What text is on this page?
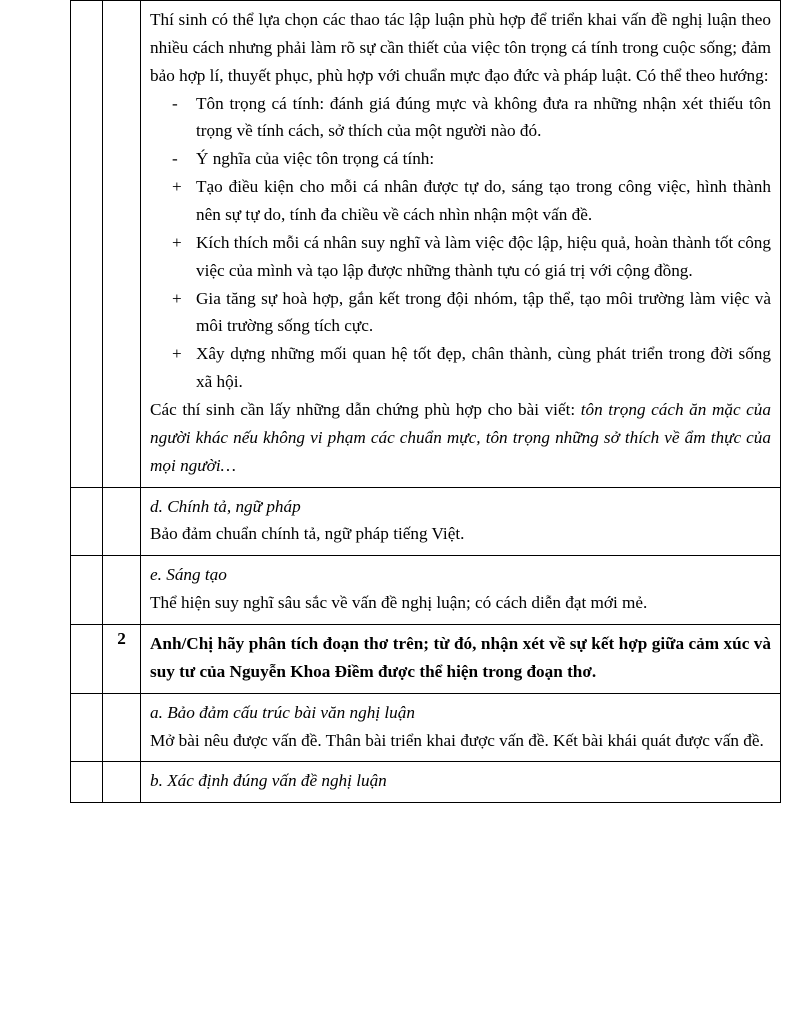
Thí sinh có thể lựa chọn các thao tác lập luận phù hợp để triển khai vấn đề nghị luận theo nhiều cách nhưng phải làm rõ sự cần thiết của việc tôn trọng cá tính trong cuộc sống; đảm bảo hợp lí, thuyết phục, phù hợp với chuẩn mực đạo đức và pháp luật. Có thể theo hướng:

-	Tôn trọng cá tính: đánh giá đúng mực và không đưa ra những nhận xét thiếu tôn trọng về tính cách, sở thích của một người nào đó.
-	Ý nghĩa của việc tôn trọng cá tính:
+ Tạo điều kiện cho mỗi cá nhân được tự do, sáng tạo trong công việc, hình thành nên sự tự do, tính đa chiều về cách nhìn nhận một vấn đề.
+ Kích thích mỗi cá nhân suy nghĩ và làm việc độc lập, hiệu quả, hoàn thành tốt công việc của mình và tạo lập được những thành tựu có giá trị với cộng đồng.
+ Gia tăng sự hoà hợp, gắn kết trong đội nhóm, tập thể, tạo môi trường làm việc và môi trường sống tích cực.
+ Xây dựng những mối quan hệ tốt đẹp, chân thành, cùng phát triển trong đời sống xã hội.

Các thí sinh cần lấy những dẫn chứng phù hợp cho bài viết: tôn trọng cách ăn mặc của người khác nếu không vi phạm các chuẩn mực, tôn trọng những sở thích về ẩm thực của mọi người…

		d. Chính tả, ngữ pháp

Bảo đảm chuẩn chính tả, ngữ pháp tiếng Việt.

		e. Sáng tạo

Thể hiện suy nghĩ sâu sắc về vấn đề nghị luận; có cách diễn đạt mới mẻ.

	2	Anh/Chị hãy phân tích đoạn thơ trên; từ đó, nhận xét về sự kết hợp giữa cảm xúc và suy tư của Nguyễn Khoa Điềm được thể hiện trong đoạn thơ.

		a. Bảo đảm cấu trúc bài văn nghị luận

Mở bài nêu được vấn đề. Thân bài triển khai được vấn đề. Kết bài khái quát được vấn đề.

		b. Xác định đúng vấn đề nghị luận
